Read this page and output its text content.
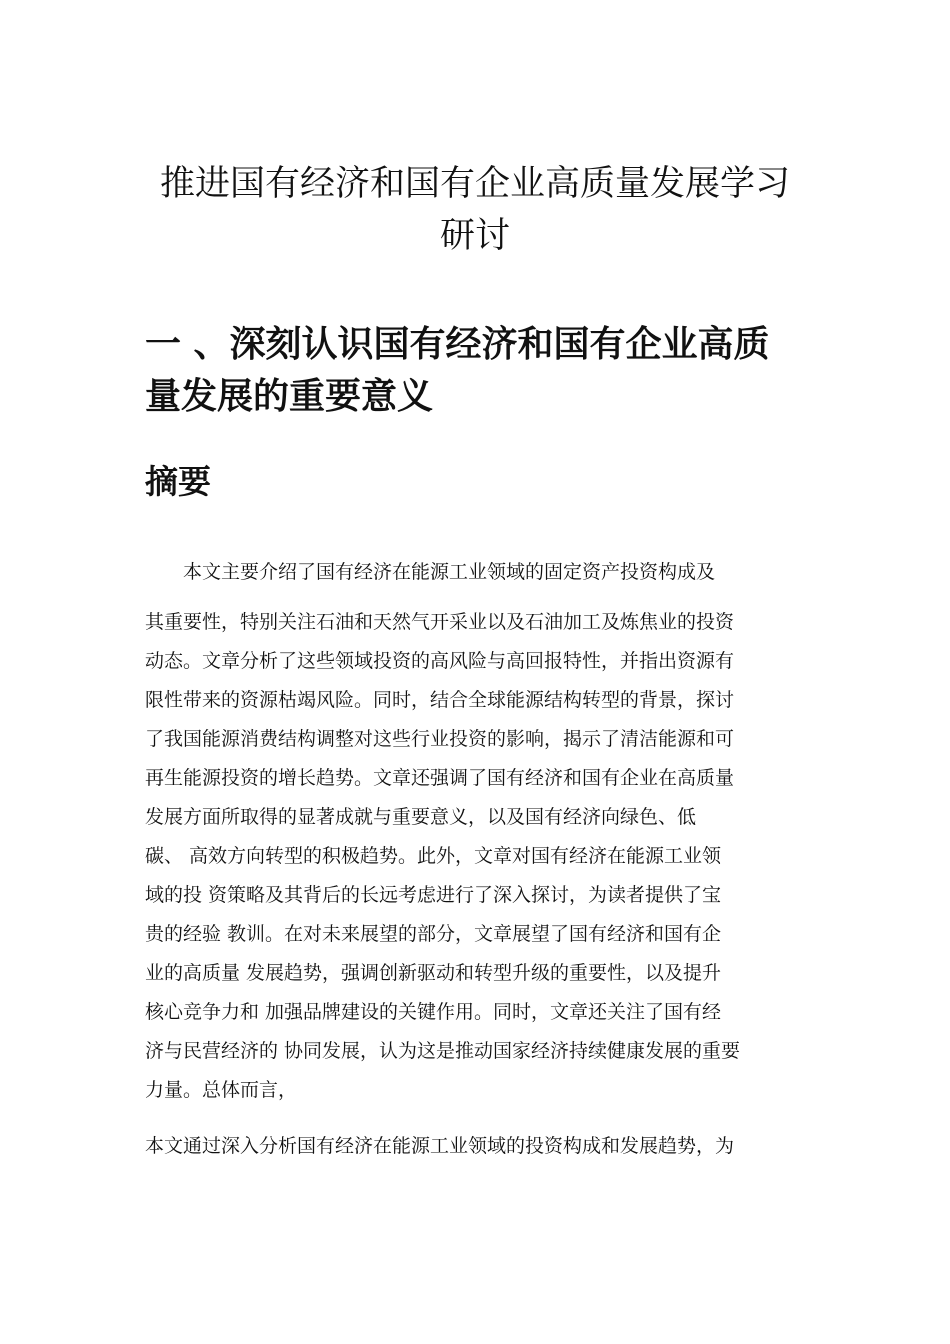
推进国有经济和国有企业高质量发展学习
研讨
一 、深刻认识国有经济和国有企业高质
量发展的重要意义
摘要
本文主要介绍了国有经济在能源工业领域的固定资产投资构成及
其重要性，特别关注石油和天然气开采业以及石油加工及炼焦业的投资
动态。文章分析了这些领域投资的高风险与高回报特性，并指出资源有
限性带来的资源枯竭风险。同时，结合全球能源结构转型的背景，探讨
了我国能源消费结构调整对这些行业投资的影响，揭示了清洁能源和可
再生能源投资的增长趋势。文章还强调了国有经济和国有企业在高质量
发展方面所取得的显著成就与重要意义，以及国有经济向绿色、低
碳、 高效方向转型的积极趋势。此外，文章对国有经济在能源工业领
域的投 资策略及其背后的长远考虑进行了深入探讨，为读者提供了宝
贵的经验 教训。在对未来展望的部分，文章展望了国有经济和国有企
业的高质量 发展趋势，强调创新驱动和转型升级的重要性，以及提升
核心竞争力和 加强品牌建设的关键作用。同时，文章还关注了国有经
济与民营经济的 协同发展，认为这是推动国家经济持续健康发展的重要
力量。总体而言，
本文通过深入分析国有经济在能源工业领域的投资构成和发展趋势，为
